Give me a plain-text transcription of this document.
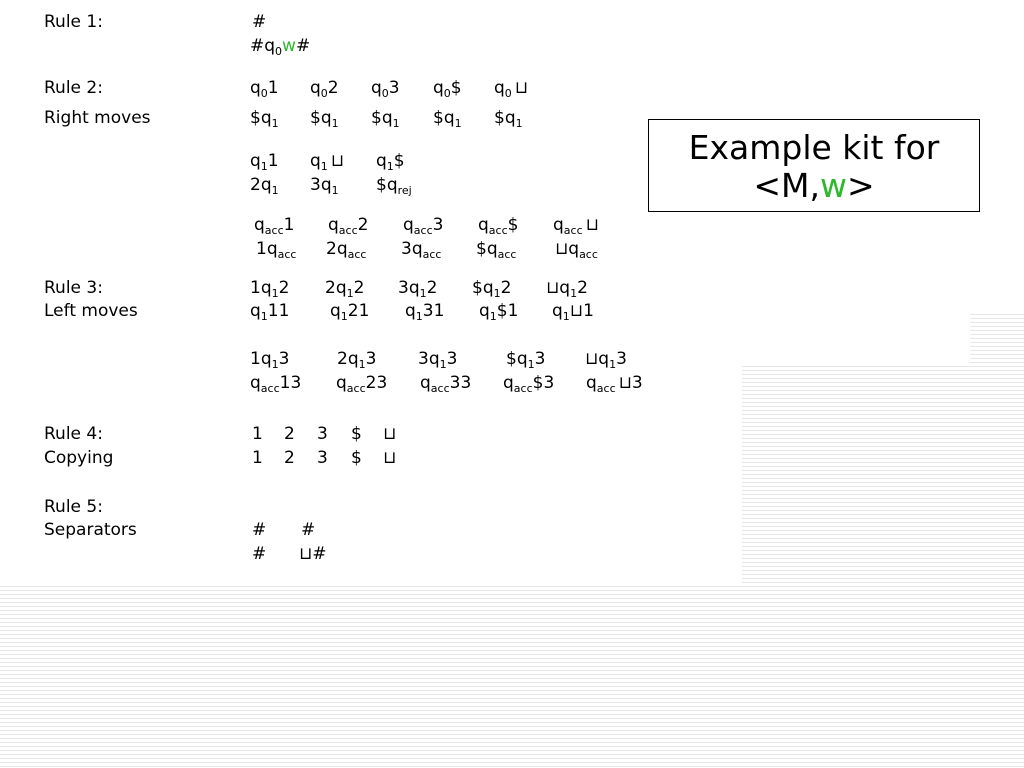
Rule 1:
Rule 2:
Right moves
Rule 3:
Left moves
Rule 4:
Copying
Rule 5:
Separators
#
$\#q_0w\#$
$q_01$ $q_02$ $q_03$ $q_0\$$ $q_0$ ⊔
$\$q_1$ $\$q_1$ $\$q_1$ $\$q_1$ $\$q_1$
$q_11$ $q_1$ ⊔ $q_1\$$
$2q_1$ $3q_1$ $\$q_{rej}$
$q_{acc}1$ $q_{acc}2$ $q_{acc}3$ $q_{acc}\$$ $q_{acc}$ ⊔
$1q_{acc}$ $2q_{acc}$ $3q_{acc}$ $\$q_{acc}$ $⊔q_{acc}$
$1q_12$ $2q_12$ $3q_12$ $\$q_12$ $⊔q_12$
$q_111$ $q_121$ $q_131$ $q_1\$1$ $q_1⊔1$
$1q_13$	$2q_13$ $3q_13$	$\$q_13$ $⊔q_13$
$q_{acc}13$ $q_{acc}23$ $q_{acc}33$ $q_{acc}\$3$ $q_{acc}$ ⊔3
1 2 3 $ ⊔
1 2 3 $ ⊔
# #
# ⊔#
Example kit for
<M,w>
